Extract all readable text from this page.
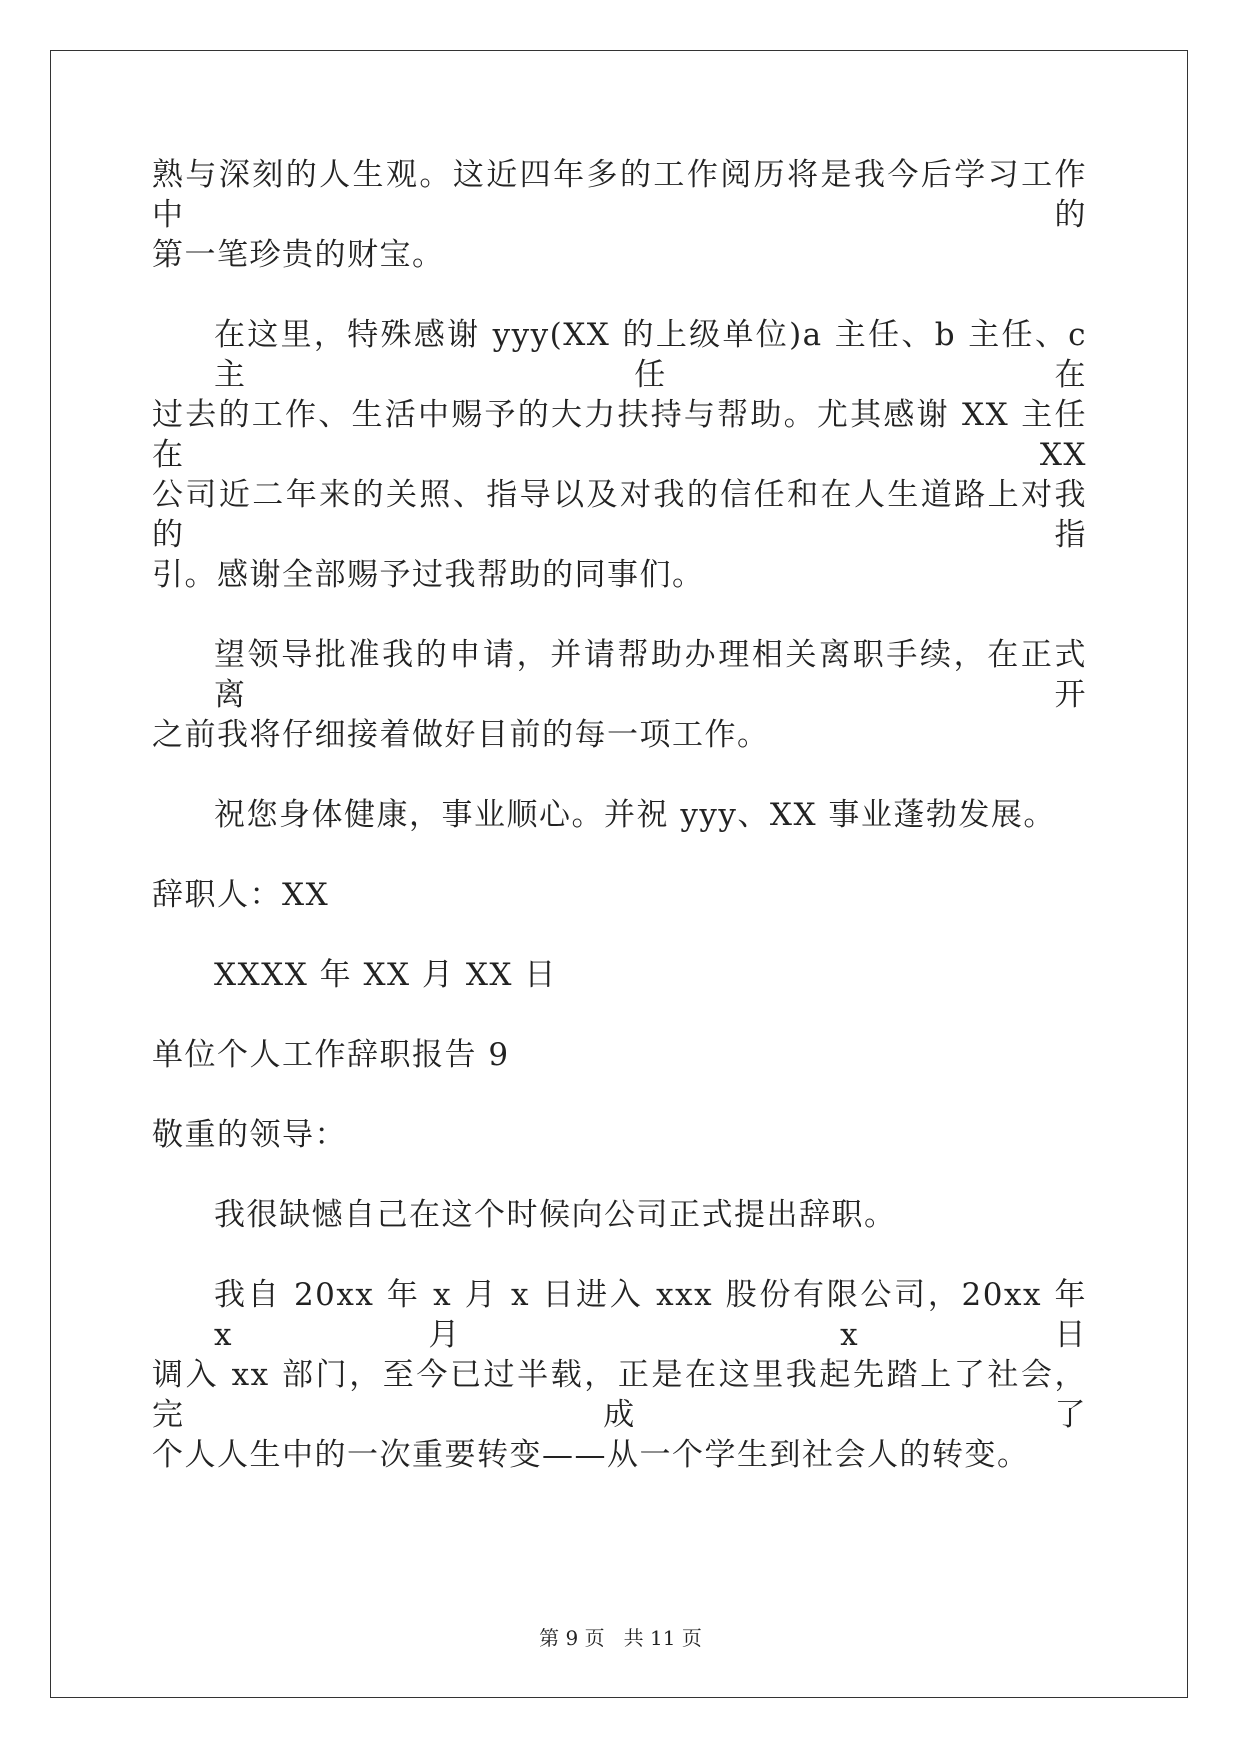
熟与深刻的人生观。这近四年多的工作阅历将是我今后学习工作中的
第一笔珍贵的财宝。
在这里，特殊感谢 yyy(XX 的上级单位)a 主任、b 主任、c 主任在
过去的工作、生活中赐予的大力扶持与帮助。尤其感谢 XX 主任在 XX
公司近二年来的关照、指导以及对我的信任和在人生道路上对我的指
引。感谢全部赐予过我帮助的同事们。
望领导批准我的申请，并请帮助办理相关离职手续，在正式离开
之前我将仔细接着做好目前的每一项工作。
祝您身体健康，事业顺心。并祝 yyy、XX 事业蓬勃发展。
辞职人：XX
XXXX 年 XX 月 XX 日
单位个人工作辞职报告 9
敬重的领导：
我很缺憾自己在这个时候向公司正式提出辞职。
我自 20xx 年 x 月 x 日进入 xxx 股份有限公司，20xx 年 x 月 x 日
调入 xx 部门，至今已过半载，正是在这里我起先踏上了社会，完成了
个人人生中的一次重要转变——从一个学生到社会人的转变。
第 9 页   共 11 页
